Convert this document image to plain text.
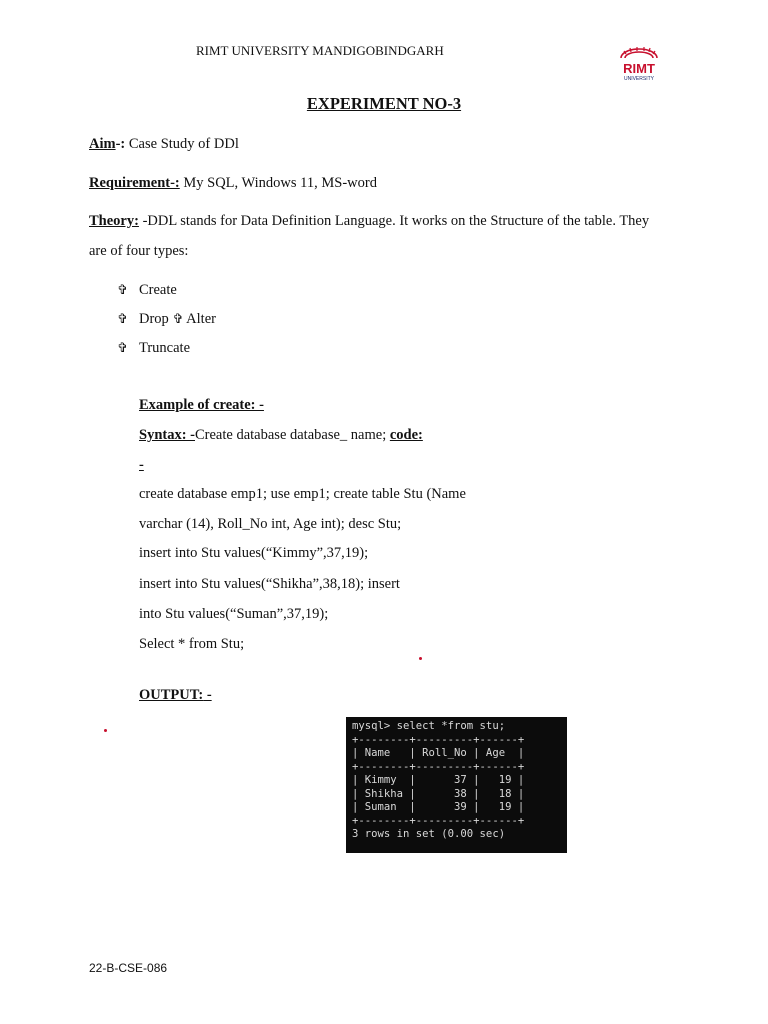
RIMT UNIVERSITY MANDIGOBINDGARH
RIMT
UNIVERSITY
EXPERIMENT NO-3
Aim-: Case Study of DDl
Requirement-: My SQL, Windows 11, MS-word
Theory: -DDL stands for Data Definition Language. It works on the Structure of the table. They
are of four types:
✞ Create
✞ Drop ✞ Alter
✞ Truncate
Example of create: -
Syntax: -Create database database_ name; code:
-
create database emp1; use emp1; create table Stu (Name
varchar (14), Roll_No int, Age int); desc Stu;
insert into Stu values(“Kimmy”,37,19);
insert into Stu values(“Shikha”,38,18); insert
into Stu values(“Suman”,37,19);
Select * from Stu;
OUTPUT: -
mysql> select *from stu;
+--------+---------+------+
| Name   | Roll_No | Age  |
+--------+---------+------+
| Kimmy  |      37 |   19 |
| Shikha |      38 |   18 |
| Suman  |      39 |   19 |
+--------+---------+------+
3 rows in set (0.00 sec)
22-B-CSE-086
